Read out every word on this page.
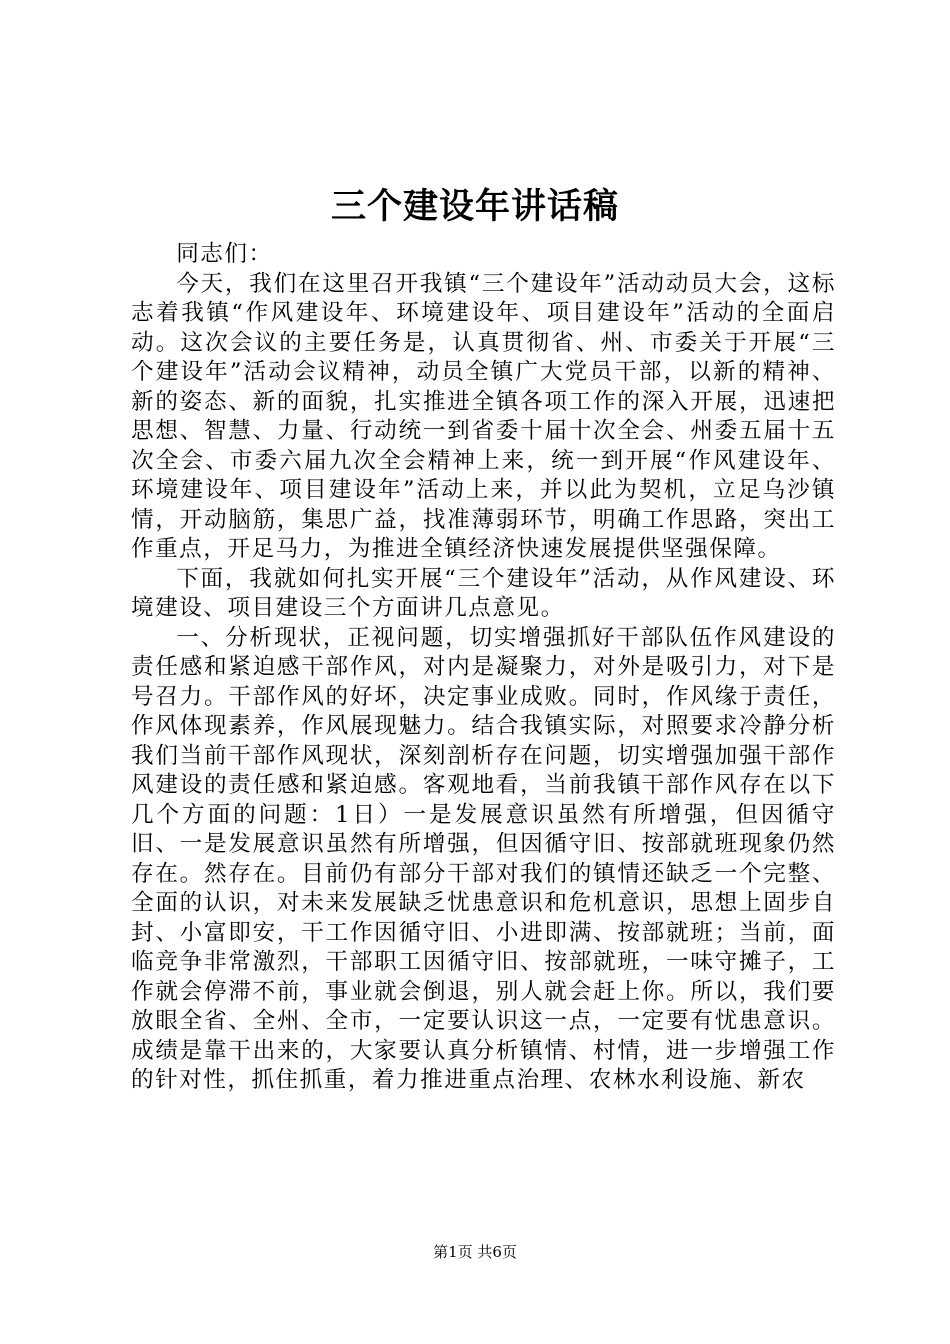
三个建设年讲话稿

同志们：

今天，我们在这里召开我镇“三个建设年”活动动员大会，这标志着我镇“作风建设年、环境建设年、项目建设年”活动的全面启动。这次会议的主要任务是，认真贯彻省、州、市委关于开展“三个建设年”活动会议精神，动员全镇广大党员干部，以新的精神、新的姿态、新的面貌，扎实推进全镇各项工作的深入开展，迅速把思想、智慧、力量、行动统一到省委十届十次全会、州委五届十五次全会、市委六届九次全会精神上来，统一到开展“作风建设年、环境建设年、项目建设年”活动上来，并以此为契机，立足乌沙镇情，开动脑筋，集思广益，找准薄弱环节，明确工作思路，突出工作重点，开足马力，为推进全镇经济快速发展提供坚强保障。

下面，我就如何扎实开展“三个建设年”活动，从作风建设、环境建设、项目建设三个方面讲几点意见。

一、分析现状，正视问题，切实增强抓好干部队伍作风建设的责任感和紧迫感干部作风，对内是凝聚力，对外是吸引力，对下是号召力。干部作风的好坏，决定事业成败。同时，作风缘于责任，作风体现素养，作风展现魅力。结合我镇实际，对照要求冷静分析我们当前干部作风现状，深刻剖析存在问题，切实增强加强干部作风建设的责任感和紧迫感。客观地看，当前我镇干部作风存在以下几个方面的问题：1日）一是发展意识虽然有所增强，但因循守旧、一是发展意识虽然有所增强，但因循守旧、按部就班现象仍然存在。然存在。目前仍有部分干部对我们的镇情还缺乏一个完整、全面的认识，对未来发展缺乏忧患意识和危机意识，思想上固步自封、小富即安，干工作因循守旧、小进即满、按部就班；当前，面临竞争非常激烈，干部职工因循守旧、按部就班，一味守摊子，工作就会停滞不前，事业就会倒退，别人就会赶上你。所以，我们要放眼全省、全州、全市，一定要认识这一点，一定要有忧患意识。成绩是靠干出来的，大家要认真分析镇情、村情，进一步增强工作的针对性，抓住抓重，着力推进重点治理、农林水利设施、新农

第1页 共6页
